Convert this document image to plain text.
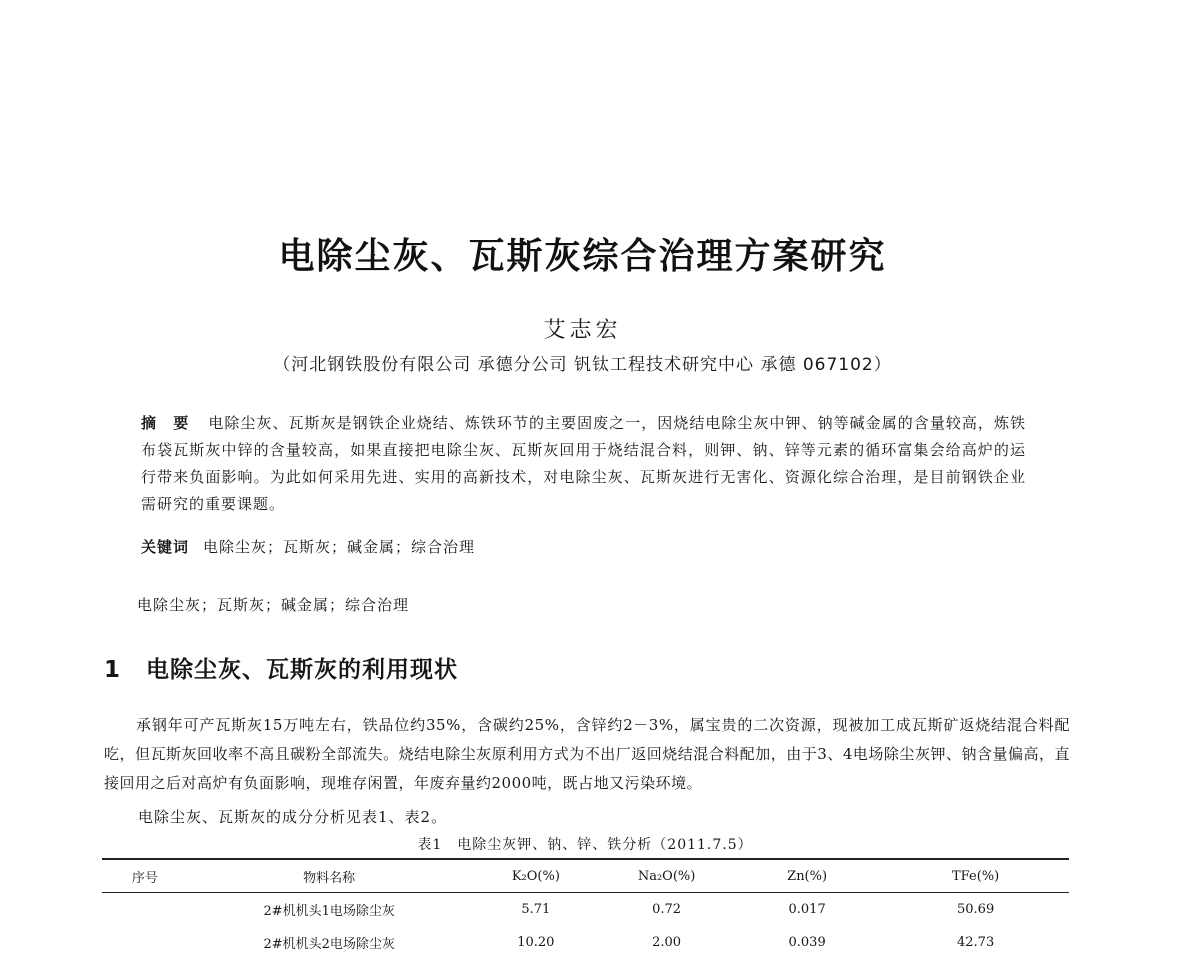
电除尘灰、瓦斯灰综合治理方案研究
艾志宏
（河北钢铁股份有限公司 承德分公司 钒钛工程技术研究中心 承德 067102）
摘 要 电除尘灰、瓦斯灰是钢铁企业烧结、炼铁环节的主要固废之一，因烧结电除尘灰中钾、钠等碱金属的含量较高，炼铁布袋瓦斯灰中锌的含量较高，如果直接把电除尘灰、瓦斯灰回用于烧结混合料，则钾、钠、锌等元素的循环富集会给高炉的运行带来负面影响。为此如何采用先进、实用的高新技术，对电除尘灰、瓦斯灰进行无害化、资源化综合治理，是目前钢铁企业需研究的重要课题。
关键词 电除尘灰；瓦斯灰；碱金属；综合治理
电除尘灰；瓦斯灰；碱金属；综合治理
1 电除尘灰、瓦斯灰的利用现状
承钢年可产瓦斯灰15万吨左右，铁品位约35%，含碳约25%，含锌约2－3%，属宝贵的二次资源，现被加工成瓦斯矿返烧结混合料配吃，但瓦斯灰回收率不高且碳粉全部流失。烧结电除尘灰原利用方式为不出厂返回烧结混合料配加，由于3、4电场除尘灰钾、钠含量偏高，直接回用之后对高炉有负面影响，现堆存闲置，年废弃量约2000吨，既占地又污染环境。
电除尘灰、瓦斯灰的成分分析见表1、表2。
表1　电除尘灰钾、钠、锌、铁分析（2011.7.5）
序号	物料名称	K₂O(%)	Na₂O(%)	Zn(%)	TFe(%)
	2#机机头1电场除尘灰	5.71	0.72	0.017	50.69
	2#机机头2电场除尘灰	10.20	2.00	0.039	42.73
